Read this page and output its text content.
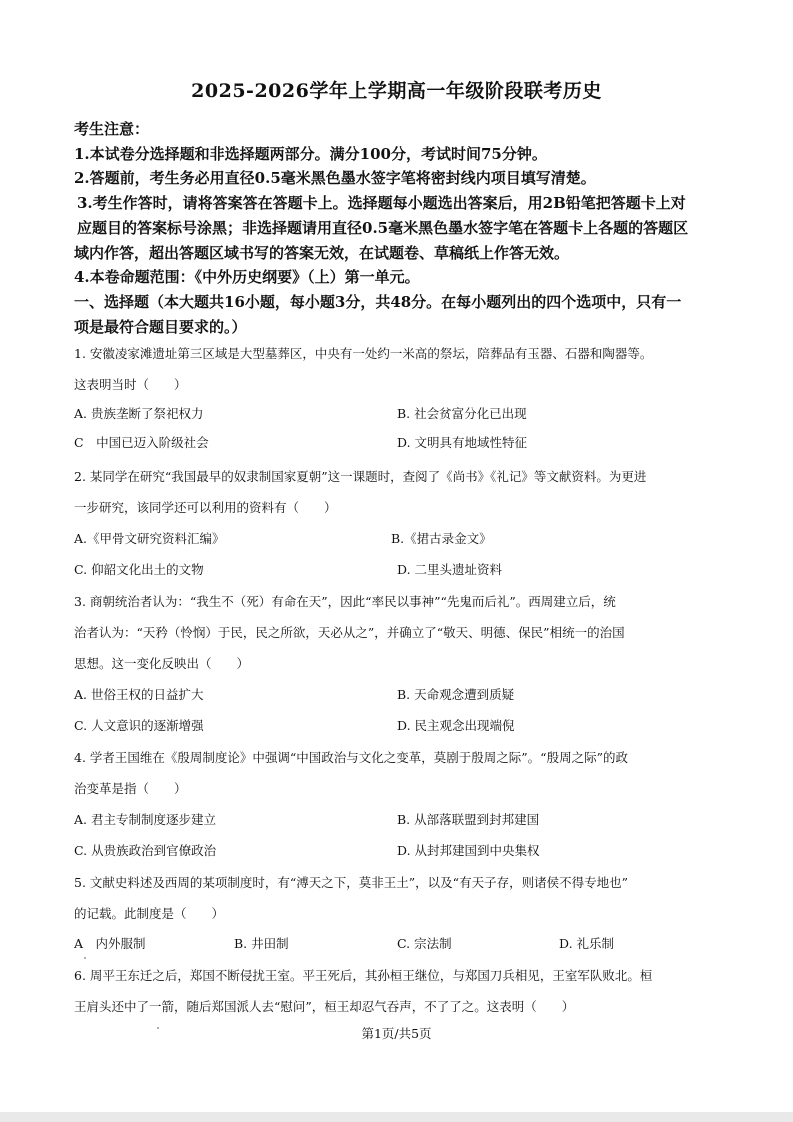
2025-2026学年上学期高一年级阶段联考历史
考生注意：
1.本试卷分选择题和非选择题两部分。满分100分，考试时间75分钟。
2.答题前，考生务必用直径0.5毫米黑色墨水签字笔将密封线内项目填写清楚。
3.考生作答时，请将答案答在答题卡上。选择题每小题选出答案后，用2B铅笔把答题卡上对
应题目的答案标号涂黑；非选择题请用直径0.5毫米黑色墨水签字笔在答题卡上各题的答题区
域内作答，超出答题区域书写的答案无效，在试题卷、草稿纸上作答无效。
4.本卷命题范围：《中外历史纲要》（上）第一单元。
一、选择题（本大题共16小题，每小题3分，共48分。在每小题列出的四个选项中，只有一
项是最符合题目要求的。）
1. 安徽凌家滩遗址第三区域是大型墓葬区，中央有一处约一米高的祭坛，陪葬品有玉器、石器和陶器等。
这表明当时（　　）
A. 贵族垄断了祭祀权力	B. 社会贫富分化已出现
C　中国已迈入阶级社会	D. 文明具有地域性特征
2. 某同学在研究“我国最早的奴隶制国家夏朝”这一课题时，查阅了《尚书》《礼记》等文献资料。为更进
一步研究，该同学还可以利用的资料有（　　）
A.《甲骨文研究资料汇编》	B.《捃古录金文》
C. 仰韶文化出土的文物	D. 二里头遗址资料
3. 商朝统治者认为：“我生不（死）有命在天”，因此“率民以事神”“先鬼而后礼”。西周建立后，统
治者认为：“天矜（怜悯）于民，民之所欲，天必从之”，并确立了“敬天、明德、保民”相统一的治国
思想。这一变化反映出（　　）
A. 世俗王权的日益扩大	B. 天命观念遭到质疑
C. 人文意识的逐渐增强	D. 民主观念出现端倪
4. 学者王国维在《殷周制度论》中强调“中国政治与文化之变革，莫剧于殷周之际”。“殷周之际”的政
治变革是指（　　）
A. 君主专制制度逐步建立	B. 从部落联盟到封邦建国
C. 从贵族政治到官僚政治	D. 从封邦建国到中央集权
5. 文献史料述及西周的某项制度时，有“溥天之下，莫非王土”，以及“有天子存，则诸侯不得专地也”
的记载。此制度是（　　）
A　内外服制	B. 井田制	C. 宗法制	D. 礼乐制
6. 周平王东迁之后，郑国不断侵扰王室。平王死后，其孙桓王继位，与郑国刀兵相见，王室军队败北。桓
王肩头还中了一箭，随后郑国派人去“慰问”，桓王却忍气吞声，不了了之。这表明（　　）
第1页/共5页
